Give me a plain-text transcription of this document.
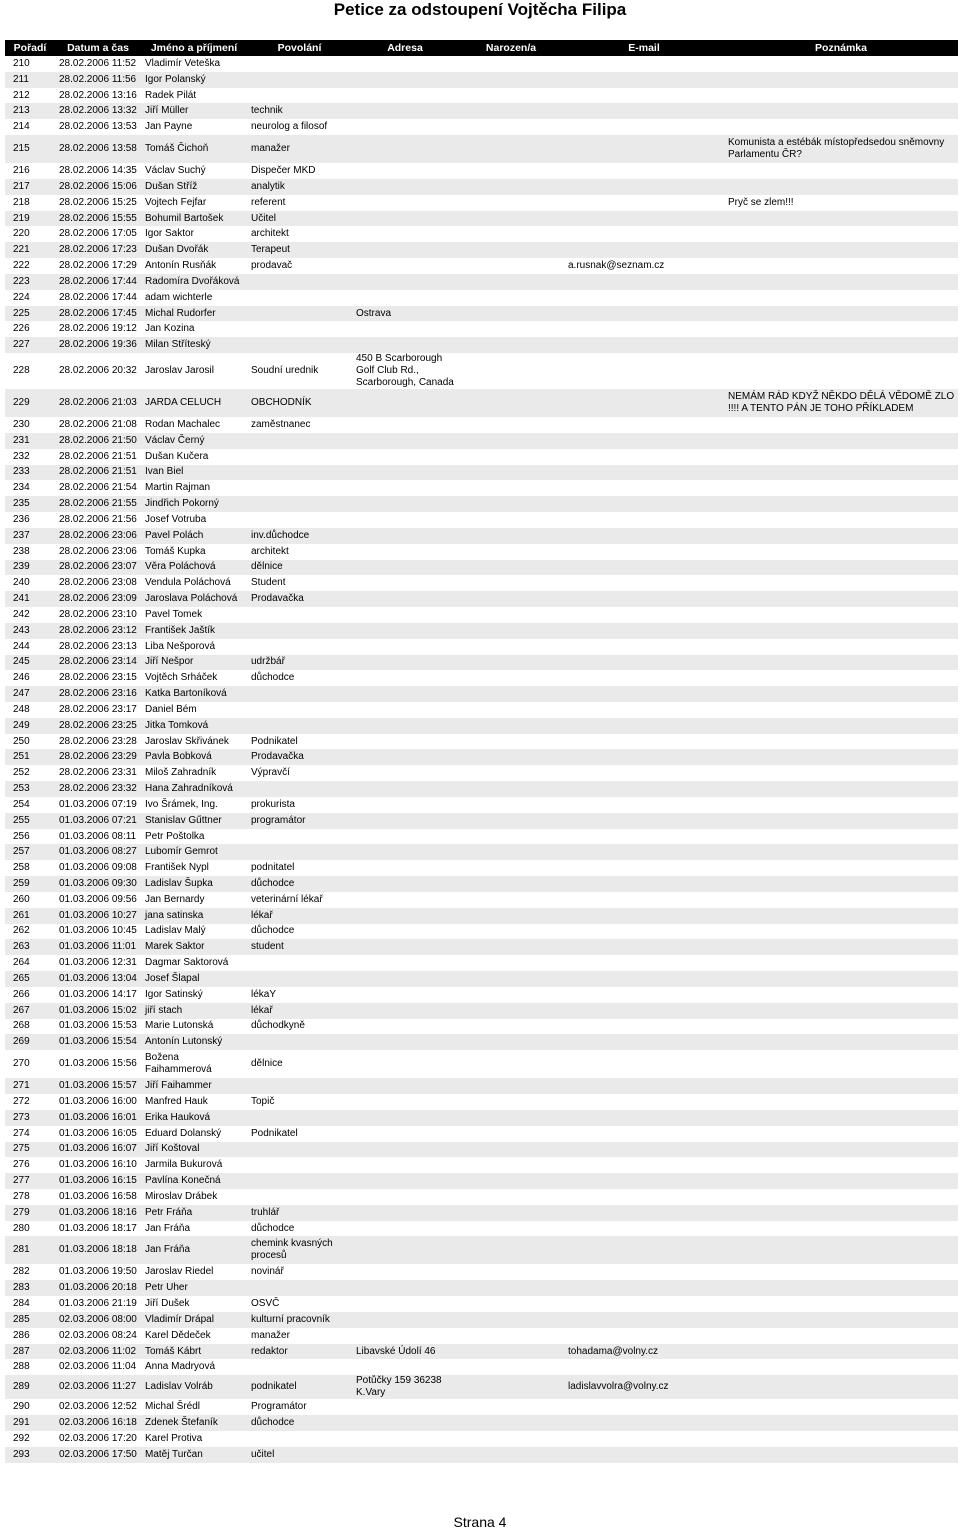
Petice za odstoupení Vojtěcha Filipa
Pořadí	Datum a čas	Jméno a příjmení	Povolání	Adresa	Narozen/a	E-mail	Poznámka
210	28.02.2006 11:52	Vladimír Veteška					
211	28.02.2006 11:56	Igor Polanský					
212	28.02.2006 13:16	Radek Pilát					
213	28.02.2006 13:32	Jiří Müller	technik				
214	28.02.2006 13:53	Jan Payne	neurolog a filosof				
215	28.02.2006 13:58	Tomáš Čichoň	manažer				Komunista a estébák místopředsedou sněmovny Parlamentu ČR?
216	28.02.2006 14:35	Václav Suchý	Dispečer MKD				
217	28.02.2006 15:06	Dušan Stříž	analytik				
218	28.02.2006 15:25	Vojtech Fejfar	referent				Pryč se zlem!!!
219	28.02.2006 15:55	Bohumil Bartošek	Učitel				
220	28.02.2006 17:05	Igor Saktor	architekt				
221	28.02.2006 17:23	Dušan Dvořák	Terapeut				
222	28.02.2006 17:29	Antonín Rusňák	prodavač			a.rusnak@seznam.cz	
223	28.02.2006 17:44	Radomíra Dvořáková					
224	28.02.2006 17:44	adam wichterle					
225	28.02.2006 17:45	Michal Rudorfer		Ostrava			
226	28.02.2006 19:12	Jan Kozina					
227	28.02.2006 19:36	Milan Stříteský					
228	28.02.2006 20:32	Jaroslav Jarosil	Soudní urednik	450 B Scarborough Golf Club Rd., Scarborough, Canada			
229	28.02.2006 21:03	JARDA CELUCH	OBCHODNÍK				NEMÁM RÁD KDYŽ NĚKDO DĚLÁ VĚDOMĚ ZLO !!!! A TENTO PÁN JE TOHO PŘÍKLADEM
230	28.02.2006 21:08	Rodan Machalec	zaměstnanec				
231	28.02.2006 21:50	Václav Černý					
232	28.02.2006 21:51	Dušan Kučera					
233	28.02.2006 21:51	Ivan Biel					
234	28.02.2006 21:54	Martin Rajman					
235	28.02.2006 21:55	Jindřich Pokorný					
236	28.02.2006 21:56	Josef Votruba					
237	28.02.2006 23:06	Pavel Polách	inv.důchodce				
238	28.02.2006 23:06	Tomáš Kupka	architekt				
239	28.02.2006 23:07	Věra Poláchová	dělnice				
240	28.02.2006 23:08	Vendula Poláchová	Student				
241	28.02.2006 23:09	Jaroslava Poláchová	Prodavačka				
242	28.02.2006 23:10	Pavel Tomek					
243	28.02.2006 23:12	František Jaštík					
244	28.02.2006 23:13	Liba Nešporová					
245	28.02.2006 23:14	Jiří Nešpor	udržbář				
246	28.02.2006 23:15	Vojtěch Srháček	důchodce				
247	28.02.2006 23:16	Katka Bartoníková					
248	28.02.2006 23:17	Daniel Bém					
249	28.02.2006 23:25	Jitka Tomková					
250	28.02.2006 23:28	Jaroslav Skřivánek	Podnikatel				
251	28.02.2006 23:29	Pavla Bobková	Prodavačka				
252	28.02.2006 23:31	Miloš Zahradník	Výpravčí				
253	28.02.2006 23:32	Hana Zahradníková					
254	01.03.2006 07:19	Ivo Šrámek, Ing.	prokurista				
255	01.03.2006 07:21	Stanislav Gűttner	programátor				
256	01.03.2006 08:11	Petr Poštolka					
257	01.03.2006 08:27	Lubomír Gemrot					
258	01.03.2006 09:08	František Nypl	podnitatel				
259	01.03.2006 09:30	Ladislav Šupka	důchodce				
260	01.03.2006 09:56	Jan Bernardy	veterinární lékař				
261	01.03.2006 10:27	jana satinska	lékař				
262	01.03.2006 10:45	Ladislav Malý	důchodce				
263	01.03.2006 11:01	Marek Saktor	student				
264	01.03.2006 12:31	Dagmar Saktorová					
265	01.03.2006 13:04	Josef Šlapal					
266	01.03.2006 14:17	Igor Satinský	lékaY				
267	01.03.2006 15:02	jiří stach	lékař				
268	01.03.2006 15:53	Marie Lutonská	důchodkyně				
269	01.03.2006 15:54	Antonín Lutonský					
270	01.03.2006 15:56	Božena Faihammerová	dělnice				
271	01.03.2006 15:57	Jiří Faihammer					
272	01.03.2006 16:00	Manfred Hauk	Topič				
273	01.03.2006 16:01	Erika Hauková					
274	01.03.2006 16:05	Eduard Dolanský	Podnikatel				
275	01.03.2006 16:07	Jiří Koštoval					
276	01.03.2006 16:10	Jarmila Bukurová					
277	01.03.2006 16:15	Pavlína Konečná					
278	01.03.2006 16:58	Miroslav Drábek					
279	01.03.2006 18:16	Petr Fráňa	truhlář				
280	01.03.2006 18:17	Jan Fráňa	důchodce				
281	01.03.2006 18:18	Jan Fráňa	chemink kvasných procesů				
282	01.03.2006 19:50	Jaroslav Riedel	novinář				
283	01.03.2006 20:18	Petr Uher					
284	01.03.2006 21:19	Jiří Dušek	OSVČ				
285	02.03.2006 08:00	Vladimír Drápal	kulturní pracovník				
286	02.03.2006 08:24	Karel Dědeček	manažer				
287	02.03.2006 11:02	Tomáš Kábrt	redaktor	Libavské Údolí 46		tohadama@volny.cz	
288	02.03.2006 11:04	Anna Madryová					
289	02.03.2006 11:27	Ladislav Volráb	podnikatel	Potůčky 159 36238 K.Vary		ladislavvolra@volny.cz	
290	02.03.2006 12:52	Michal Šrédl	Programátor				
291	02.03.2006 16:18	Zdenek Štefaník	důchodce				
292	02.03.2006 17:20	Karel Protiva					
293	02.03.2006 17:50	Matěj Turčan	učitel				
Strana 4
